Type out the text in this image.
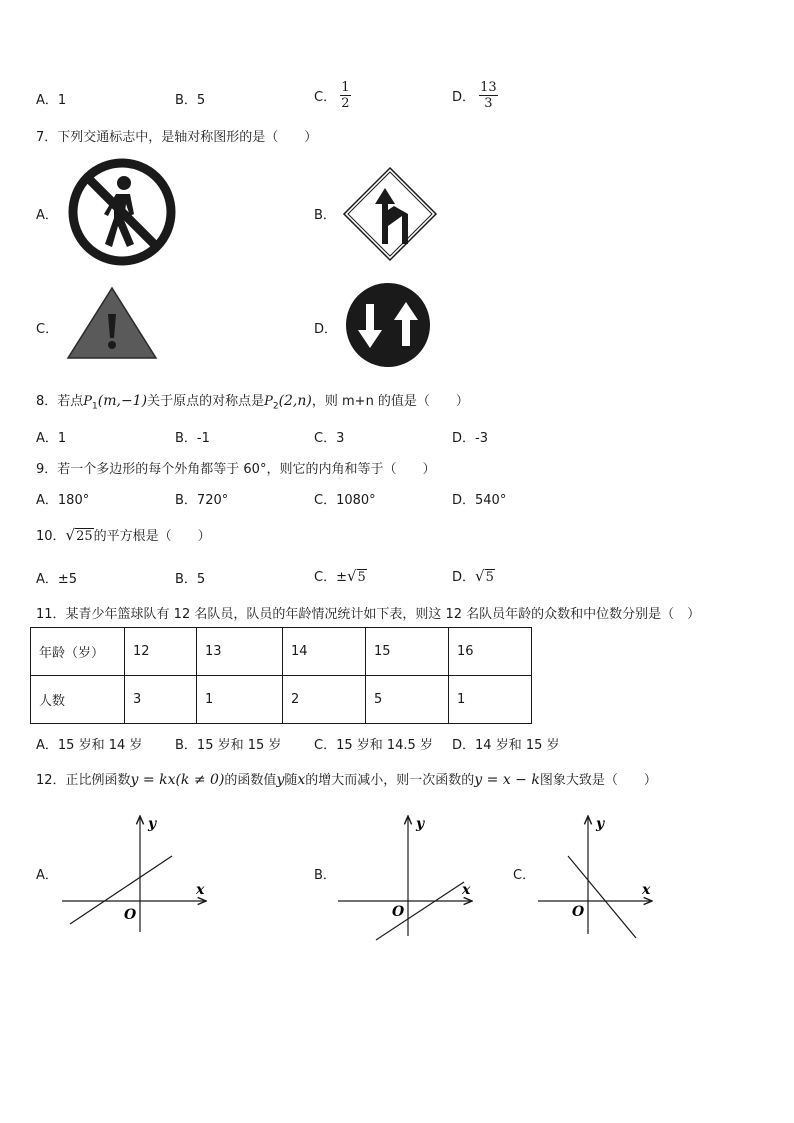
A．1	B．5	C． $\frac{1}{2}$	D． $\frac{13}{3}$
7．下列交通标志中，是轴对称图形的是（　　）
A．	B．
C．	D．
8．若点$P_1(m,-1)$关于原点的对称点是$P_2(2,n)$，则 m+n 的值是（　　）
A．1	B．-1	C．3	D．-3
9．若一个多边形的每个外角都等于 60°，则它的内角和等于（　　）
A．180°	B．720°	C．1080°	D．540°
10．√25的平方根是（　　）
A．±5	B．5	C．±√5	D．√5
11．某青少年篮球队有 12 名队员，队员的年龄情况统计如下表，则这 12 名队员年龄的众数和中位数分别是（　）
年龄（岁）	12	13	14	15	16
人数	3	1	2	5	1
A．15 岁和 14 岁	B．15 岁和 15 岁	C．15 岁和 14.5 岁 D．14 岁和 15 岁
12．正比例函数y = kx(k ≠ 0)的函数值y随x的增大而减小，则一次函数的y = x − k图象大致是（　　）
A．
x
y
O
B．
x
y
O
C．
x
y
O
